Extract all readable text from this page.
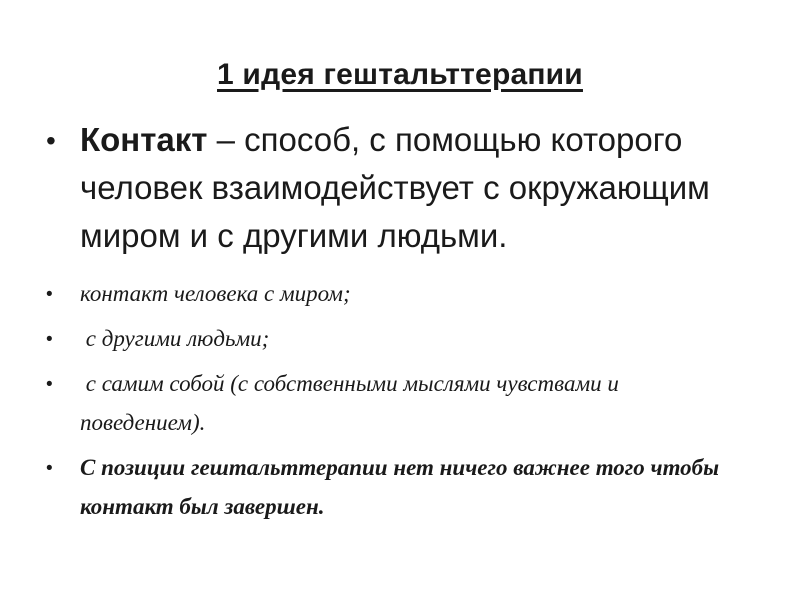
1 идея гештальттерапии
• Контакт – способ, с помощью которого человек взаимодействует с окружающим миром и с другими людьми.
• контакт человека с миром;
• с другими людьми;
• с самим собой (с собственными мыслями чувствами и поведением).
• С позиции гештальттерапии нет ничего важнее того чтобы контакт был завершен.
